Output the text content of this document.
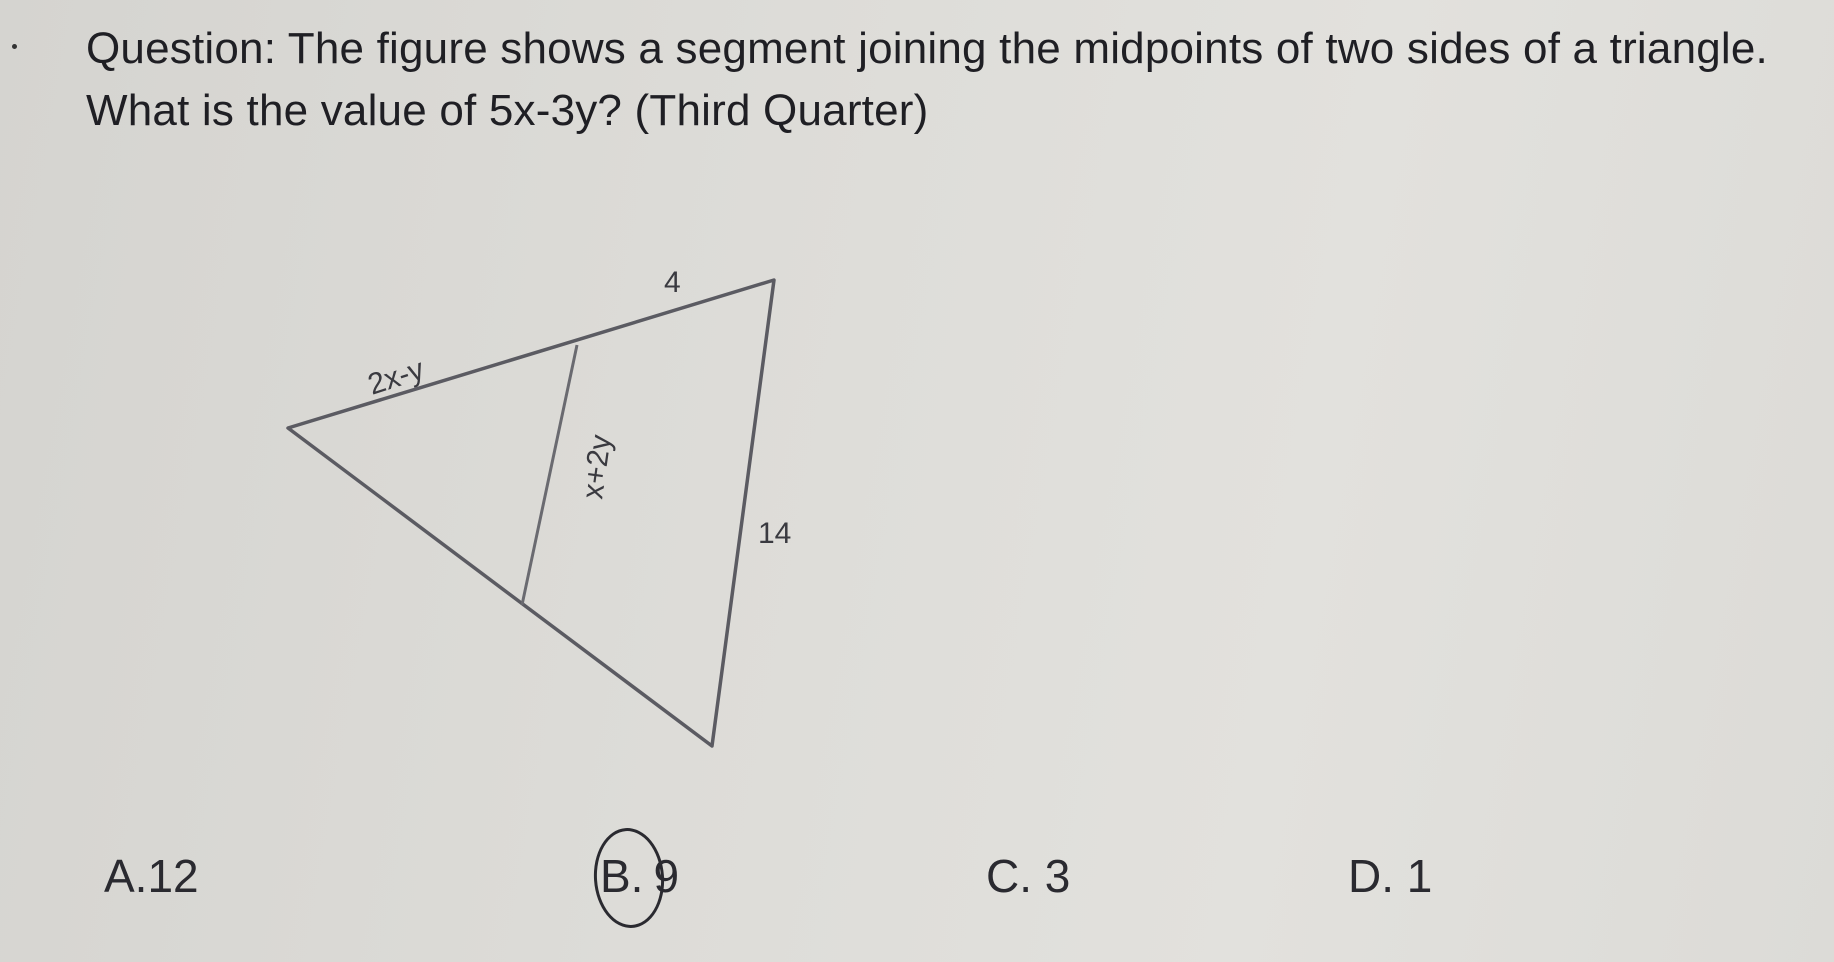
Question: The figure shows a segment joining the midpoints of two sides of a triangle. What is the value of 5x-3y? (Third Quarter)

4
2x-y
x+2y
14
A.12	B. 9	C. 3	D. 1
